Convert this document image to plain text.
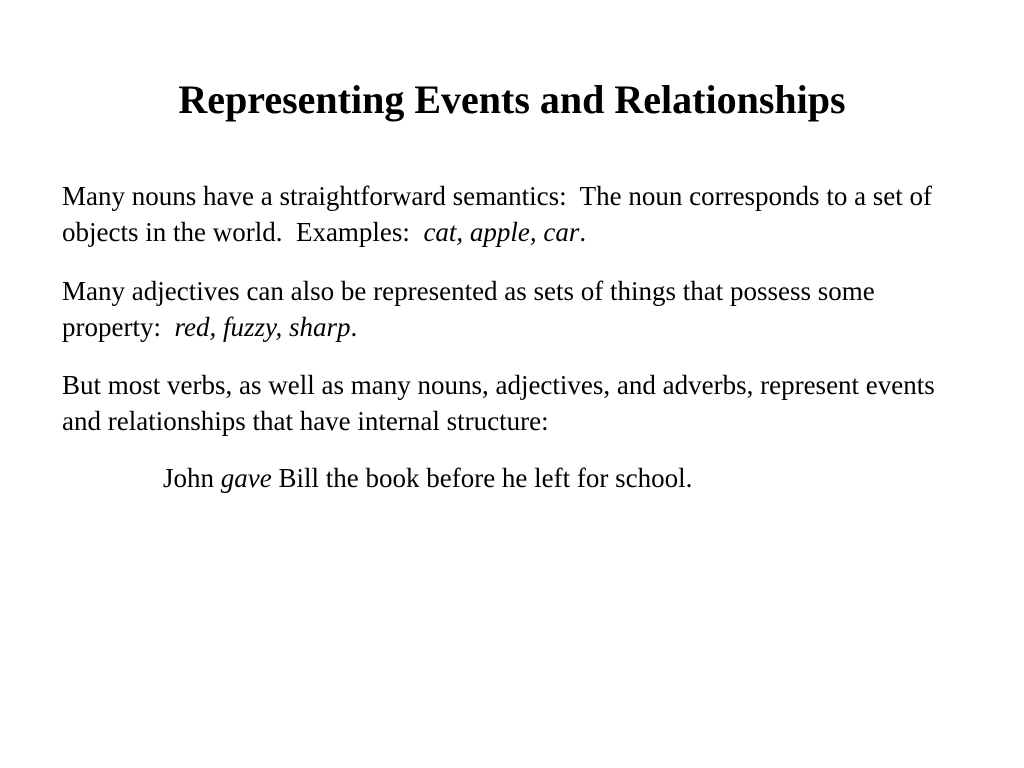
Representing Events and Relationships

Many nouns have a straightforward semantics:  The noun corresponds to a set of objects in the world.  Examples:  cat, apple, car.

Many adjectives can also be represented as sets of things that possess some property:  red, fuzzy, sharp.

But most verbs, as well as many nouns, adjectives, and adverbs, represent events and relationships that have internal structure:

John gave Bill the book before he left for school.
